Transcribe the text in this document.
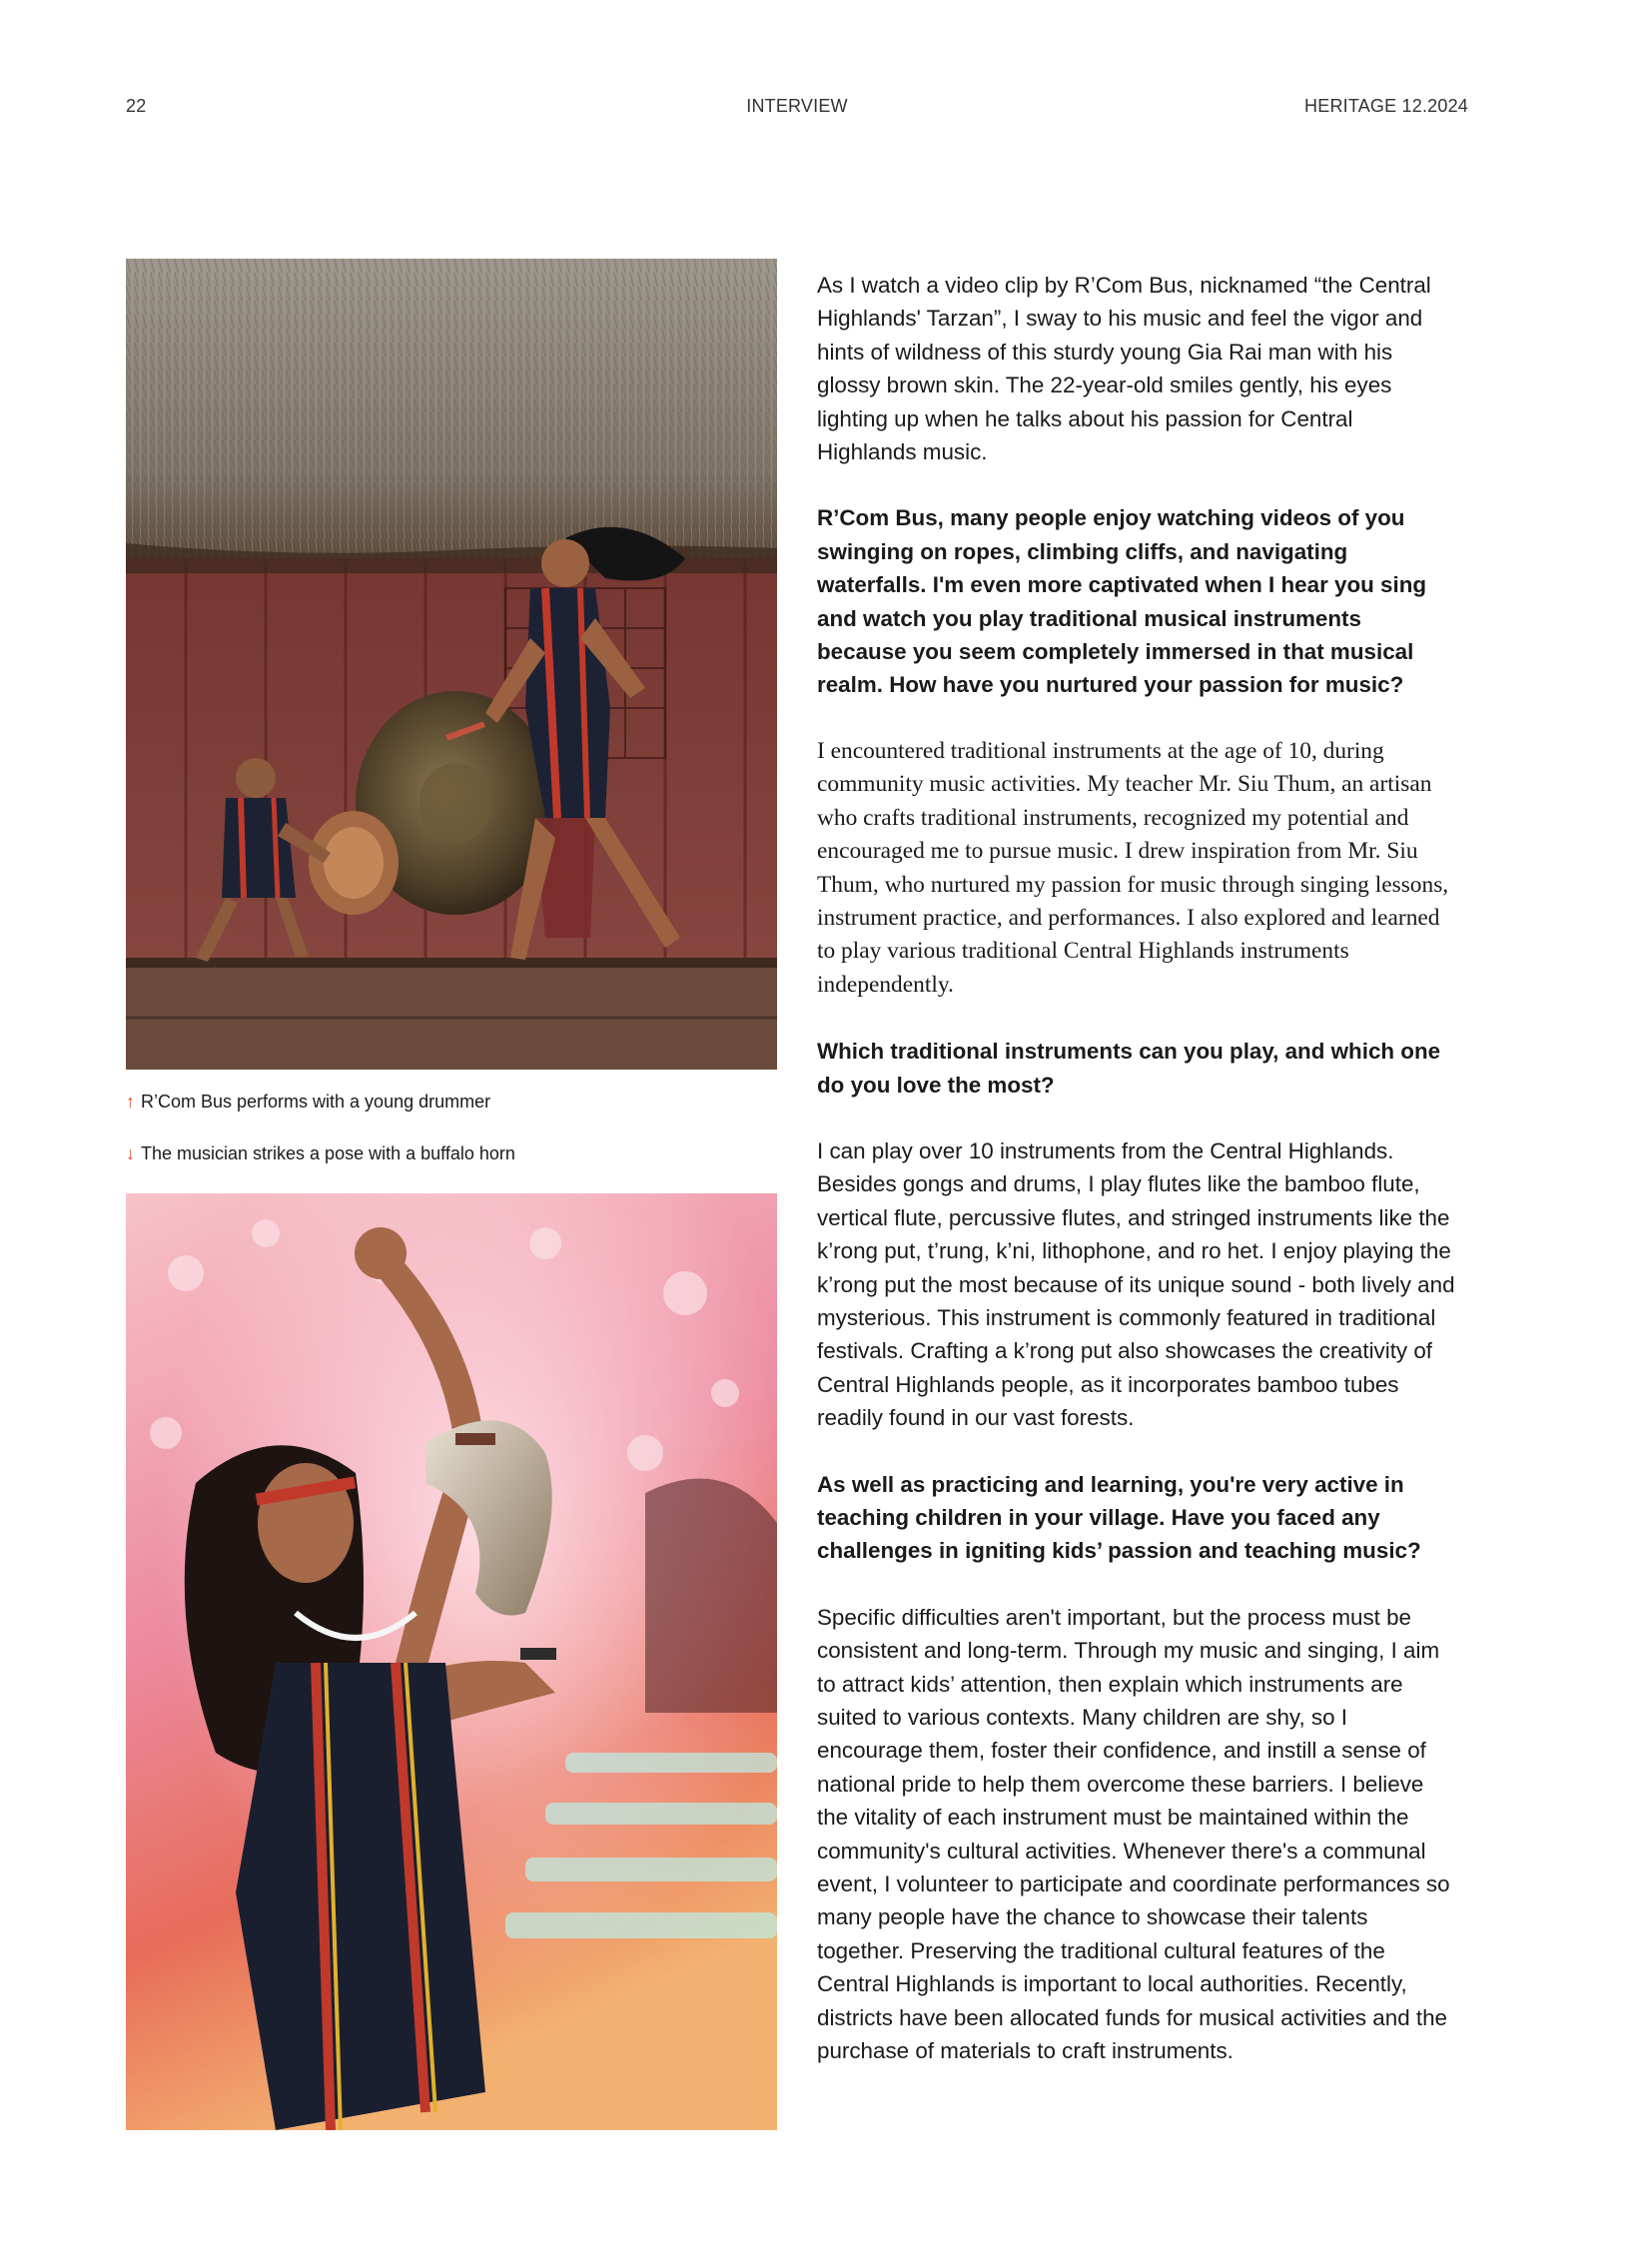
22	INTERVIEW	HERITAGE 12.2024
↑ R’Com Bus performs with a young drummer
↓ The musician strikes a pose with a buffalo horn

As I watch a video clip by R’Com Bus, nicknamed “the Central Highlands' Tarzan”, I sway to his music and feel the vigor and hints of wildness of this sturdy young Gia Rai man with his glossy brown skin. The 22-year-old smiles gently, his eyes lighting up when he talks about his passion for Central Highlands music.

R’Com Bus, many people enjoy watching videos of you swinging on ropes, climbing cliffs, and navigating waterfalls. I'm even more captivated when I hear you sing and watch you play traditional musical instruments because you seem completely immersed in that musical realm. How have you nurtured your passion for music?

I encountered traditional instruments at the age of 10, during community music activities. My teacher Mr. Siu Thum, an artisan who crafts traditional instruments, recognized my potential and encouraged me to pursue music. I drew inspiration from Mr. Siu Thum, who nurtured my passion for music through singing lessons, instrument practice, and performances. I also explored and learned to play various traditional Central Highlands instruments independently.

Which traditional instruments can you play, and which one do you love the most?

I can play over 10 instruments from the Central Highlands. Besides gongs and drums, I play flutes like the bamboo flute, vertical flute, percussive flutes, and stringed instruments like the k’rong put, t’rung, k’ni, lithophone, and ro het. I enjoy playing the k’rong put the most because of its unique sound - both lively and mysterious. This instrument is commonly featured in traditional festivals. Crafting a k’rong put also showcases the creativity of Central Highlands people, as it incorporates bamboo tubes readily found in our vast forests.

As well as practicing and learning, you're very active in teaching children in your village. Have you faced any challenges in igniting kids’ passion and teaching music?

Specific difficulties aren't important, but the process must be consistent and long-term. Through my music and singing, I aim to attract kids’ attention, then explain which instruments are suited to various contexts. Many children are shy, so I encourage them, foster their confidence, and instill a sense of national pride to help them overcome these barriers. I believe the vitality of each instrument must be maintained within the community's cultural activities. Whenever there's a communal event, I volunteer to participate and coordinate performances so many people have the chance to showcase their talents together. Preserving the traditional cultural features of the Central Highlands is important to local authorities. Recently, districts have been allocated funds for musical activities and the purchase of materials to craft instruments.
